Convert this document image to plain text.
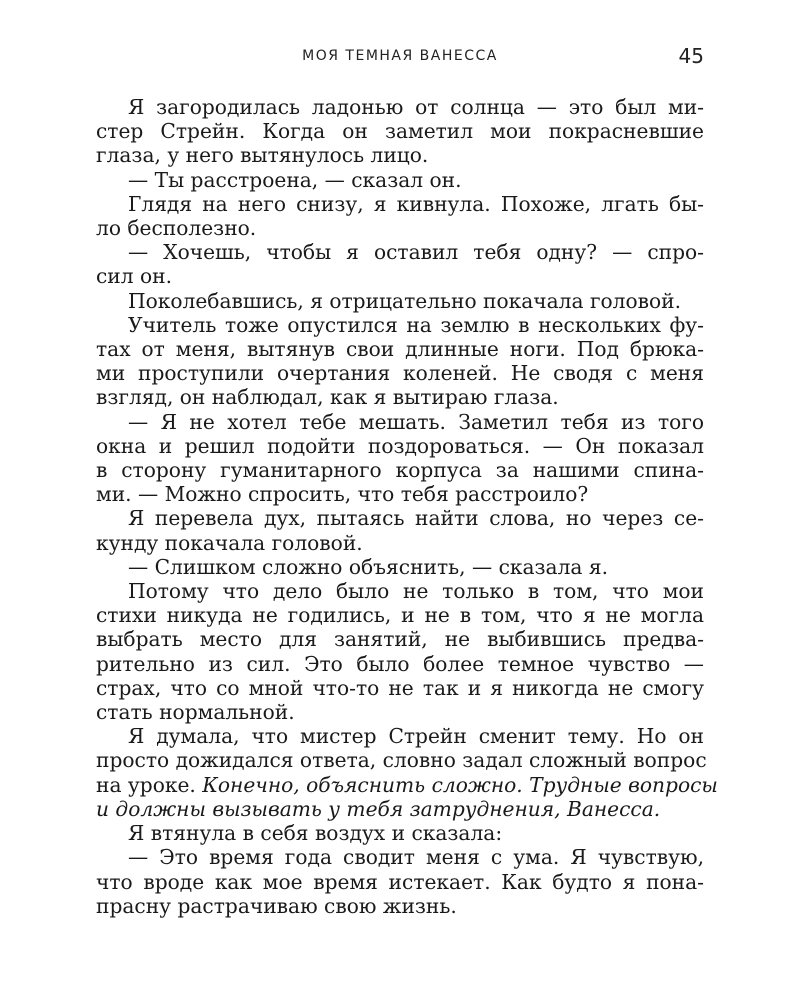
МОЯ ТЕМНАЯ ВАНЕССА	45
Я загородилась ладонью от солнца — это был ми-
стер Стрейн. Когда он заметил мои покрасневшие
глаза, у него вытянулось лицо.
— Ты расстроена, — сказал он.
Глядя на него снизу, я кивнула. Похоже, лгать бы-
ло бесполезно.
— Хочешь, чтобы я оставил тебя одну? — спро-
сил он.
Поколебавшись, я отрицательно покачала головой.
Учитель тоже опустился на землю в нескольких фу-
тах от меня, вытянув свои длинные ноги. Под брюка-
ми проступили очертания коленей. Не сводя с меня
взгляд, он наблюдал, как я вытираю глаза.
— Я не хотел тебе мешать. Заметил тебя из того
окна и решил подойти поздороваться. — Он показал
в сторону гуманитарного корпуса за нашими спина-
ми. — Можно спросить, что тебя расстроило?
Я перевела дух, пытаясь найти слова, но через се-
кунду покачала головой.
— Слишком сложно объяснить, — сказала я.
Потому что дело было не только в том, что мои
стихи никуда не годились, и не в том, что я не могла
выбрать место для занятий, не выбившись предва-
рительно из сил. Это было более темное чувство —
страх, что со мной что-то не так и я никогда не смогу
стать нормальной.
Я думала, что мистер Стрейн сменит тему. Но он
просто дожидался ответа, словно задал сложный вопрос
на уроке. Конечно, объяснить сложно. Трудные вопросы
и должны вызывать у тебя затруднения, Ванесса.
Я втянула в себя воздух и сказала:
— Это время года сводит меня с ума. Я чувствую,
что вроде как мое время истекает. Как будто я пона-
прасну растрачиваю свою жизнь.
